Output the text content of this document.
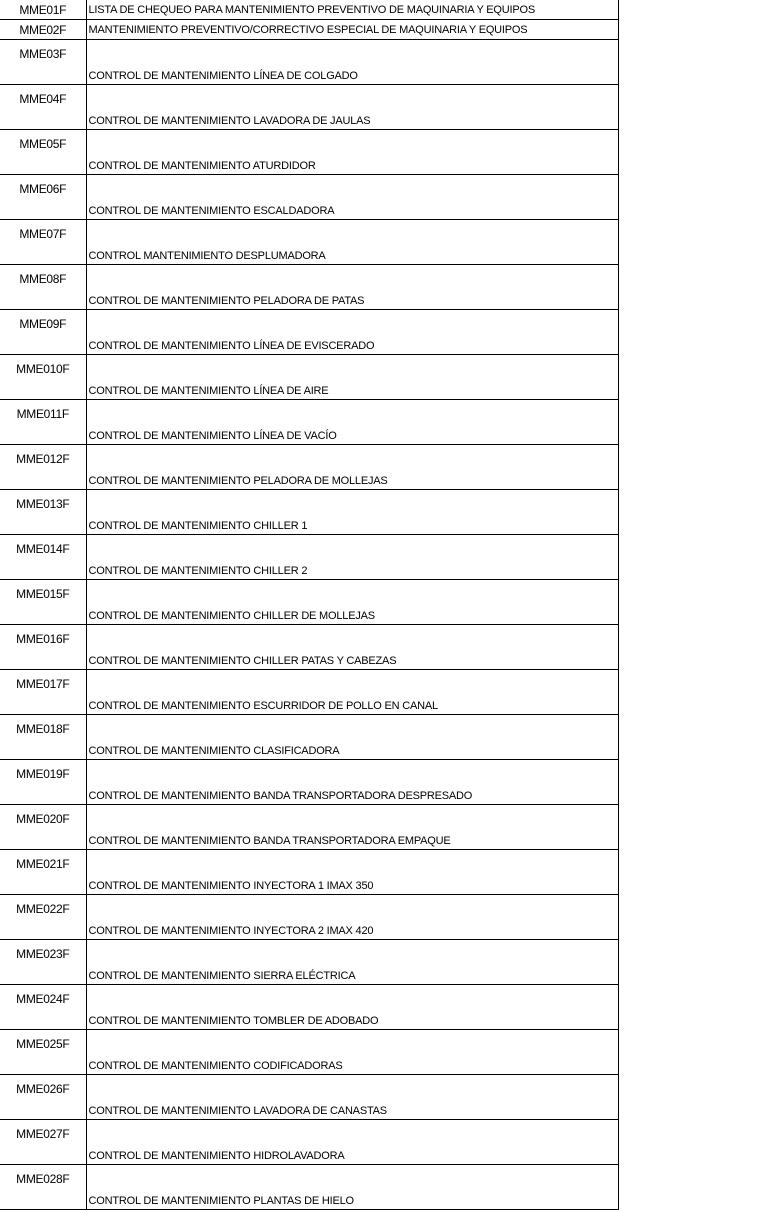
MME01F	LISTA DE CHEQUEO PARA MANTENIMIENTO PREVENTIVO DE MAQUINARIA Y EQUIPOS
MME02F	MANTENIMIENTO PREVENTIVO/CORRECTIVO ESPECIAL DE MAQUINARIA Y EQUIPOS
MME03F	CONTROL DE MANTENIMIENTO LÍNEA DE COLGADO
MME04F	CONTROL DE MANTENIMIENTO LAVADORA DE JAULAS
MME05F	CONTROL DE MANTENIMIENTO ATURDIDOR
MME06F	CONTROL DE MANTENIMIENTO ESCALDADORA
MME07F	CONTROL MANTENIMIENTO DESPLUMADORA
MME08F	CONTROL DE MANTENIMIENTO PELADORA DE PATAS
MME09F	CONTROL DE MANTENIMIENTO LÍNEA DE EVISCERADO
MME010F	CONTROL DE MANTENIMIENTO LÍNEA DE AIRE
MME011F	CONTROL DE MANTENIMIENTO LÍNEA DE VACÍO
MME012F	CONTROL DE MANTENIMIENTO PELADORA DE MOLLEJAS
MME013F	CONTROL DE MANTENIMIENTO CHILLER 1
MME014F	CONTROL DE MANTENIMIENTO CHILLER 2
MME015F	CONTROL DE MANTENIMIENTO CHILLER DE MOLLEJAS
MME016F	CONTROL DE MANTENIMIENTO CHILLER PATAS Y CABEZAS
MME017F	CONTROL DE MANTENIMIENTO ESCURRIDOR DE POLLO EN CANAL
MME018F	CONTROL DE MANTENIMIENTO CLASIFICADORA
MME019F	CONTROL DE MANTENIMIENTO BANDA TRANSPORTADORA DESPRESADO
MME020F	CONTROL DE MANTENIMIENTO BANDA TRANSPORTADORA EMPAQUE
MME021F	CONTROL DE MANTENIMIENTO INYECTORA 1 IMAX 350
MME022F	CONTROL DE MANTENIMIENTO INYECTORA 2 IMAX 420
MME023F	CONTROL DE MANTENIMIENTO SIERRA ELÉCTRICA
MME024F	CONTROL DE MANTENIMIENTO TOMBLER DE ADOBADO
MME025F	CONTROL DE MANTENIMIENTO CODIFICADORAS
MME026F	CONTROL DE MANTENIMIENTO LAVADORA DE CANASTAS
MME027F	CONTROL DE MANTENIMIENTO HIDROLAVADORA
MME028F	CONTROL DE MANTENIMIENTO PLANTAS DE HIELO
